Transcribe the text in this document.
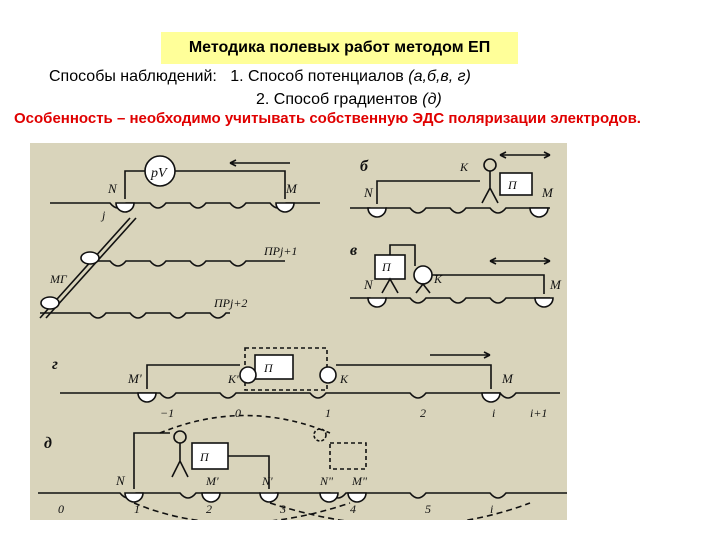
Методика полевых работ методом ЕП
Способы наблюдений: 1. Способ потенциалов (а,б,в, г)
2. Способ градиентов (д)
Особенность – необходимо учитывать собственную ЭДС поляризации электродов.
pV
N	M
j
ПРj+1
ПРj+2
МГ
б
П
К
N	M
в
П
К
N	M
г	П
К'	К
M'	M
−1	0	1	2	i	i+1
д
П
N	M'	N'	N" M"
0	1	2	3	4	5	i
